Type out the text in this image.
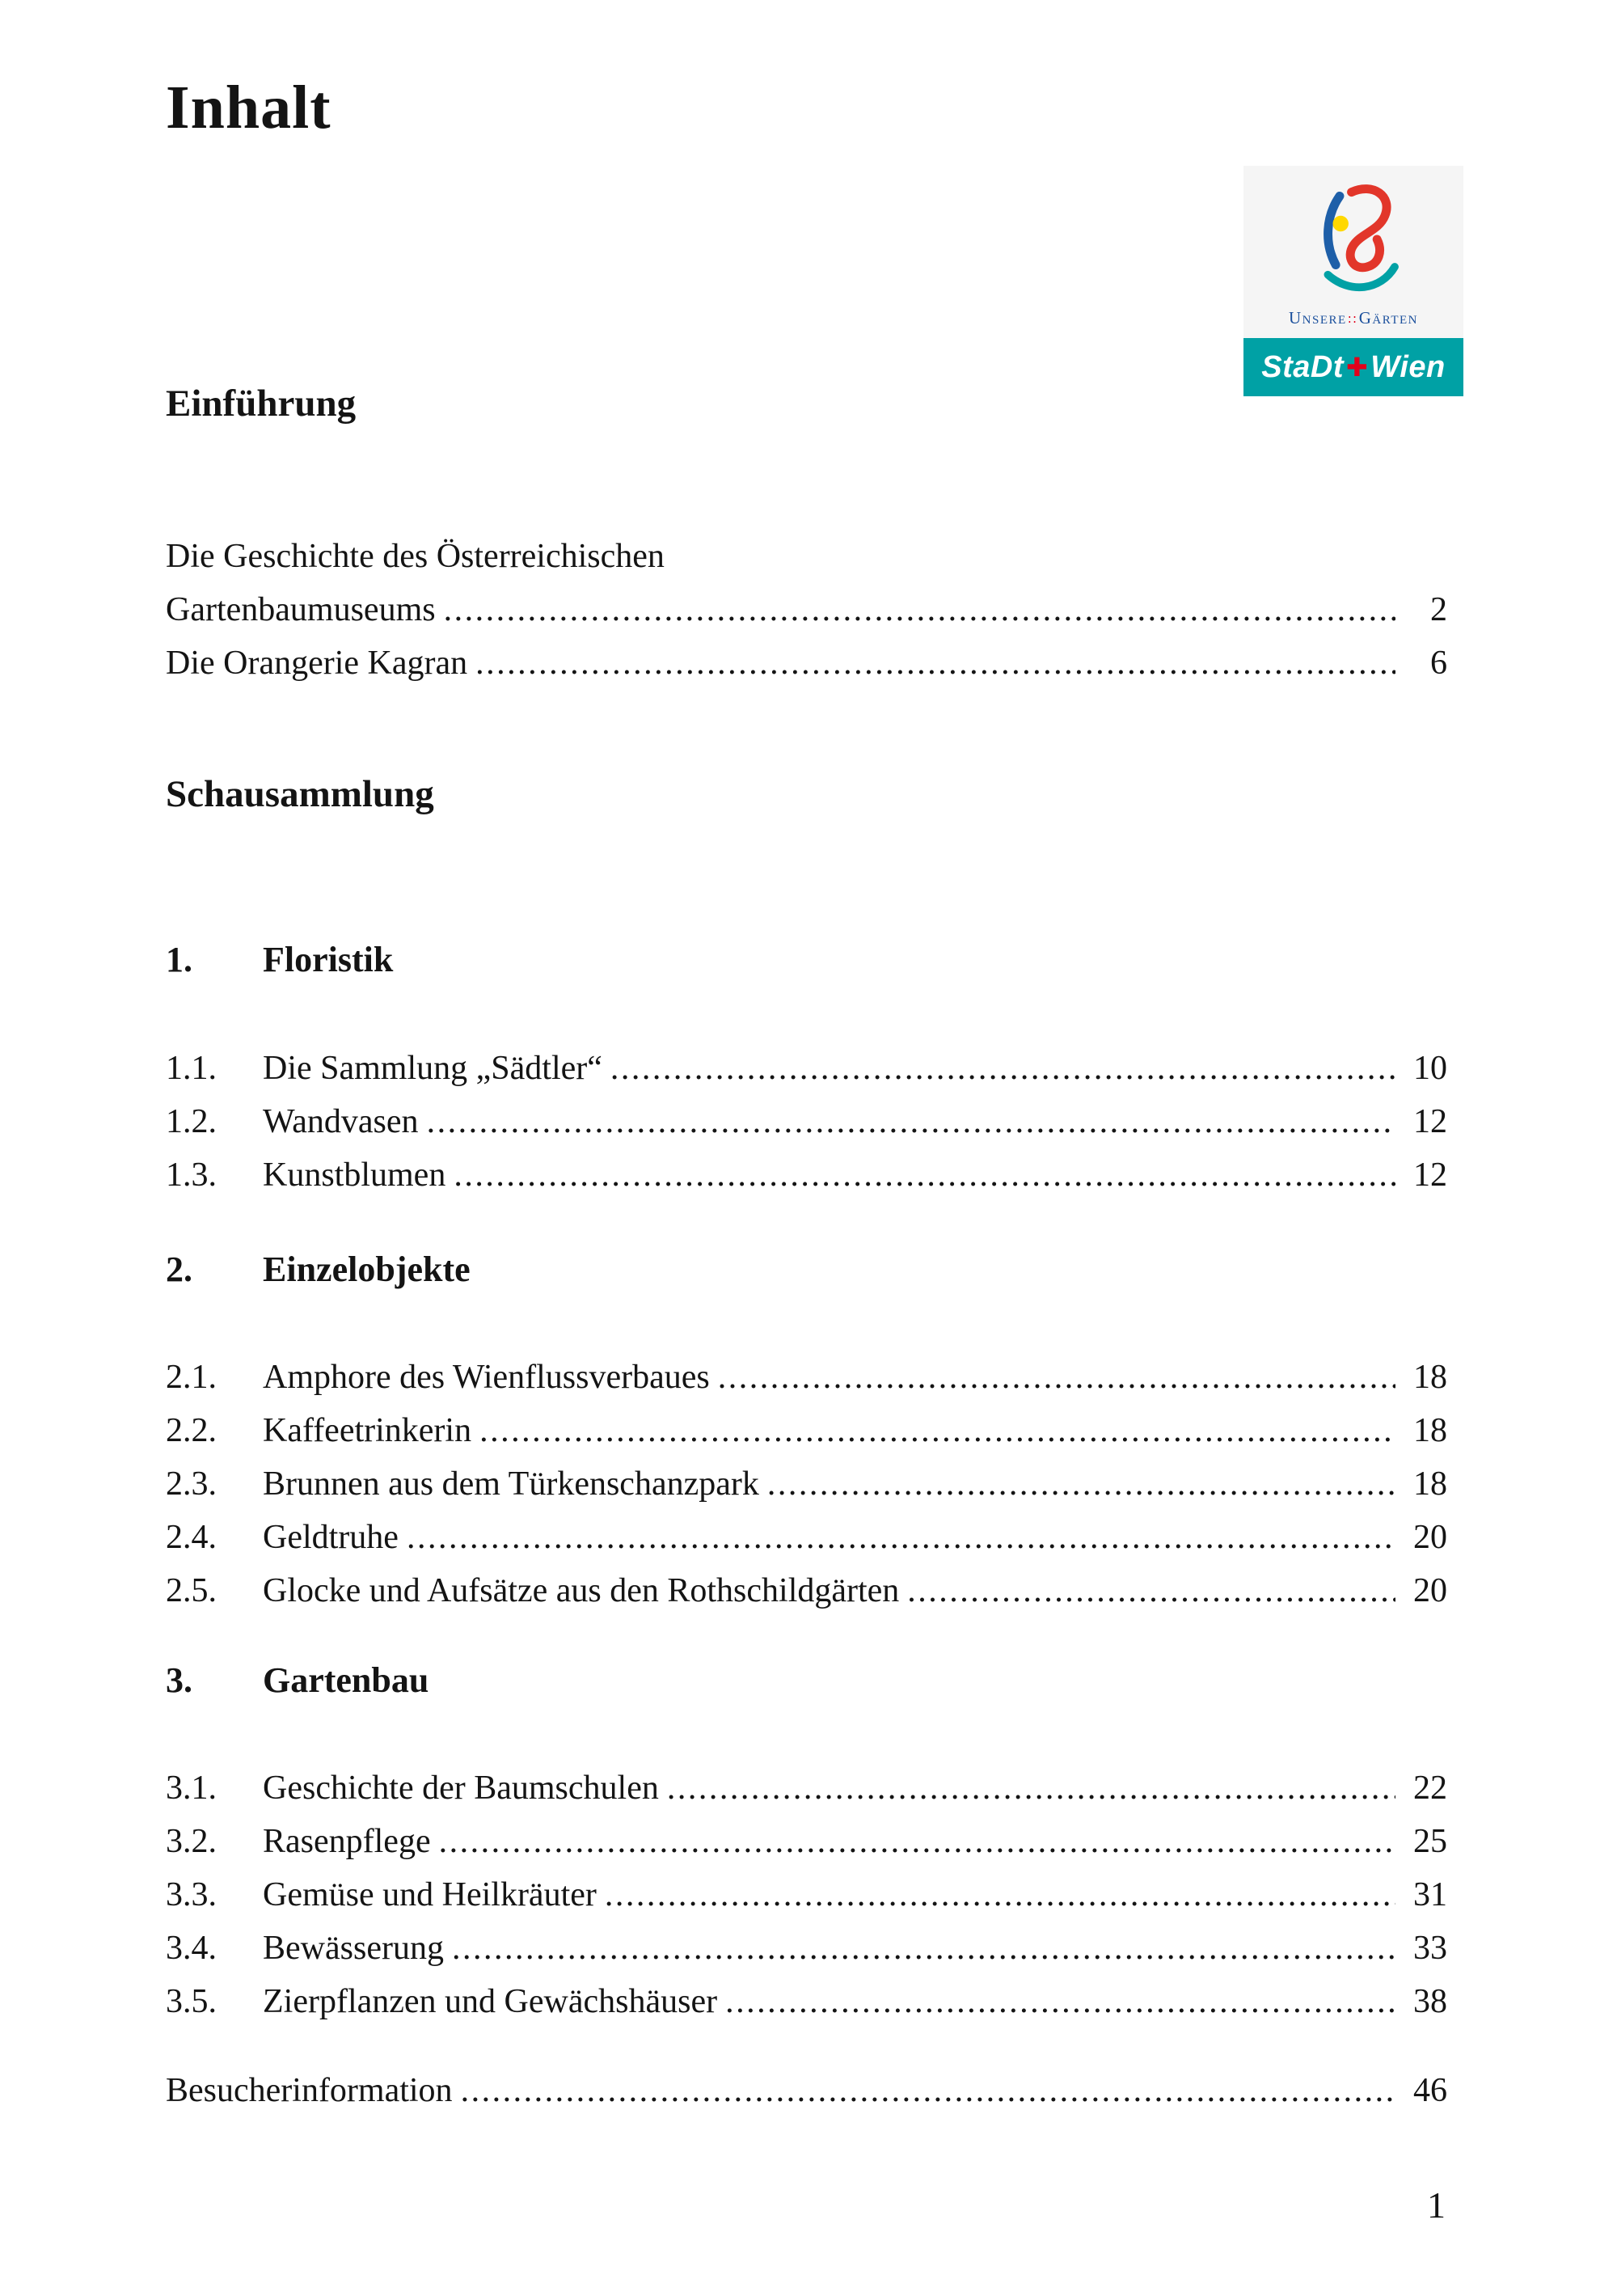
Inhalt
Unsere ∷Gärten
StaDt ✚ Wien
Einführung
Die Geschichte des Österreichischen
Gartenbaumuseums .....	2
Die Orangerie Kagran .....	6
Schausammlung
1.	Floristik
1.1.	Die Sammlung „Sädtler“ .....	10
1.2.	Wandvasen .....	12
1.3.	Kunstblumen .....	12
2.	Einzelobjekte
2.1.	Amphore des Wienflussverbaues .....	18
2.2.	Kaffeetrinkerin .....	18
2.3.	Brunnen aus dem Türkenschanzpark .....	18
2.4.	Geldtruhe .....	20
2.5.	Glocke und Aufsätze aus den Rothschildgärten .....	20
3.	Gartenbau
3.1.	Geschichte der Baumschulen .....	22
3.2.	Rasenpflege .....	25
3.3.	Gemüse und Heilkräuter .....	31
3.4.	Bewässerung .....	33
3.5.	Zierpflanzen und Gewächshäuser .....	38
Besucherinformation .....	46
1
